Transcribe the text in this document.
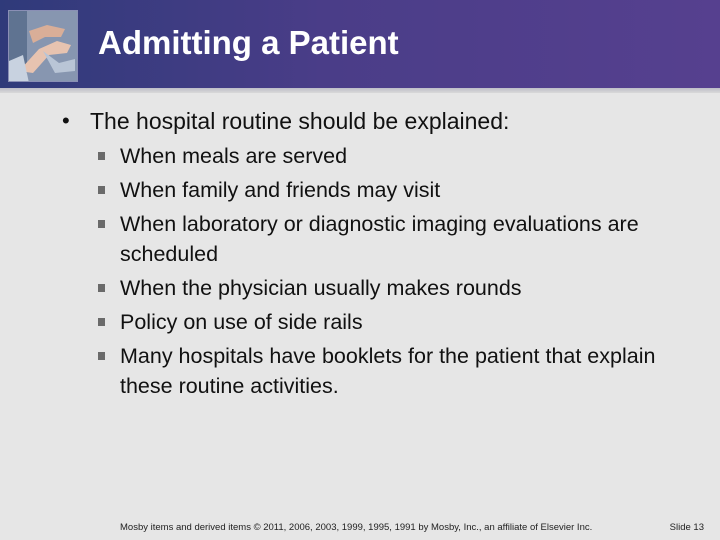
Admitting a Patient
• The hospital routine should be explained:
When meals are served
When family and friends may visit
When laboratory or diagnostic imaging evaluations are scheduled
When the physician usually makes rounds
Policy on use of side rails
Many hospitals have booklets for the patient that explain these routine activities.
Mosby items and derived items © 2011, 2006, 2003, 1999, 1995, 1991 by Mosby, Inc., an affiliate of Elsevier Inc.	Slide 13
